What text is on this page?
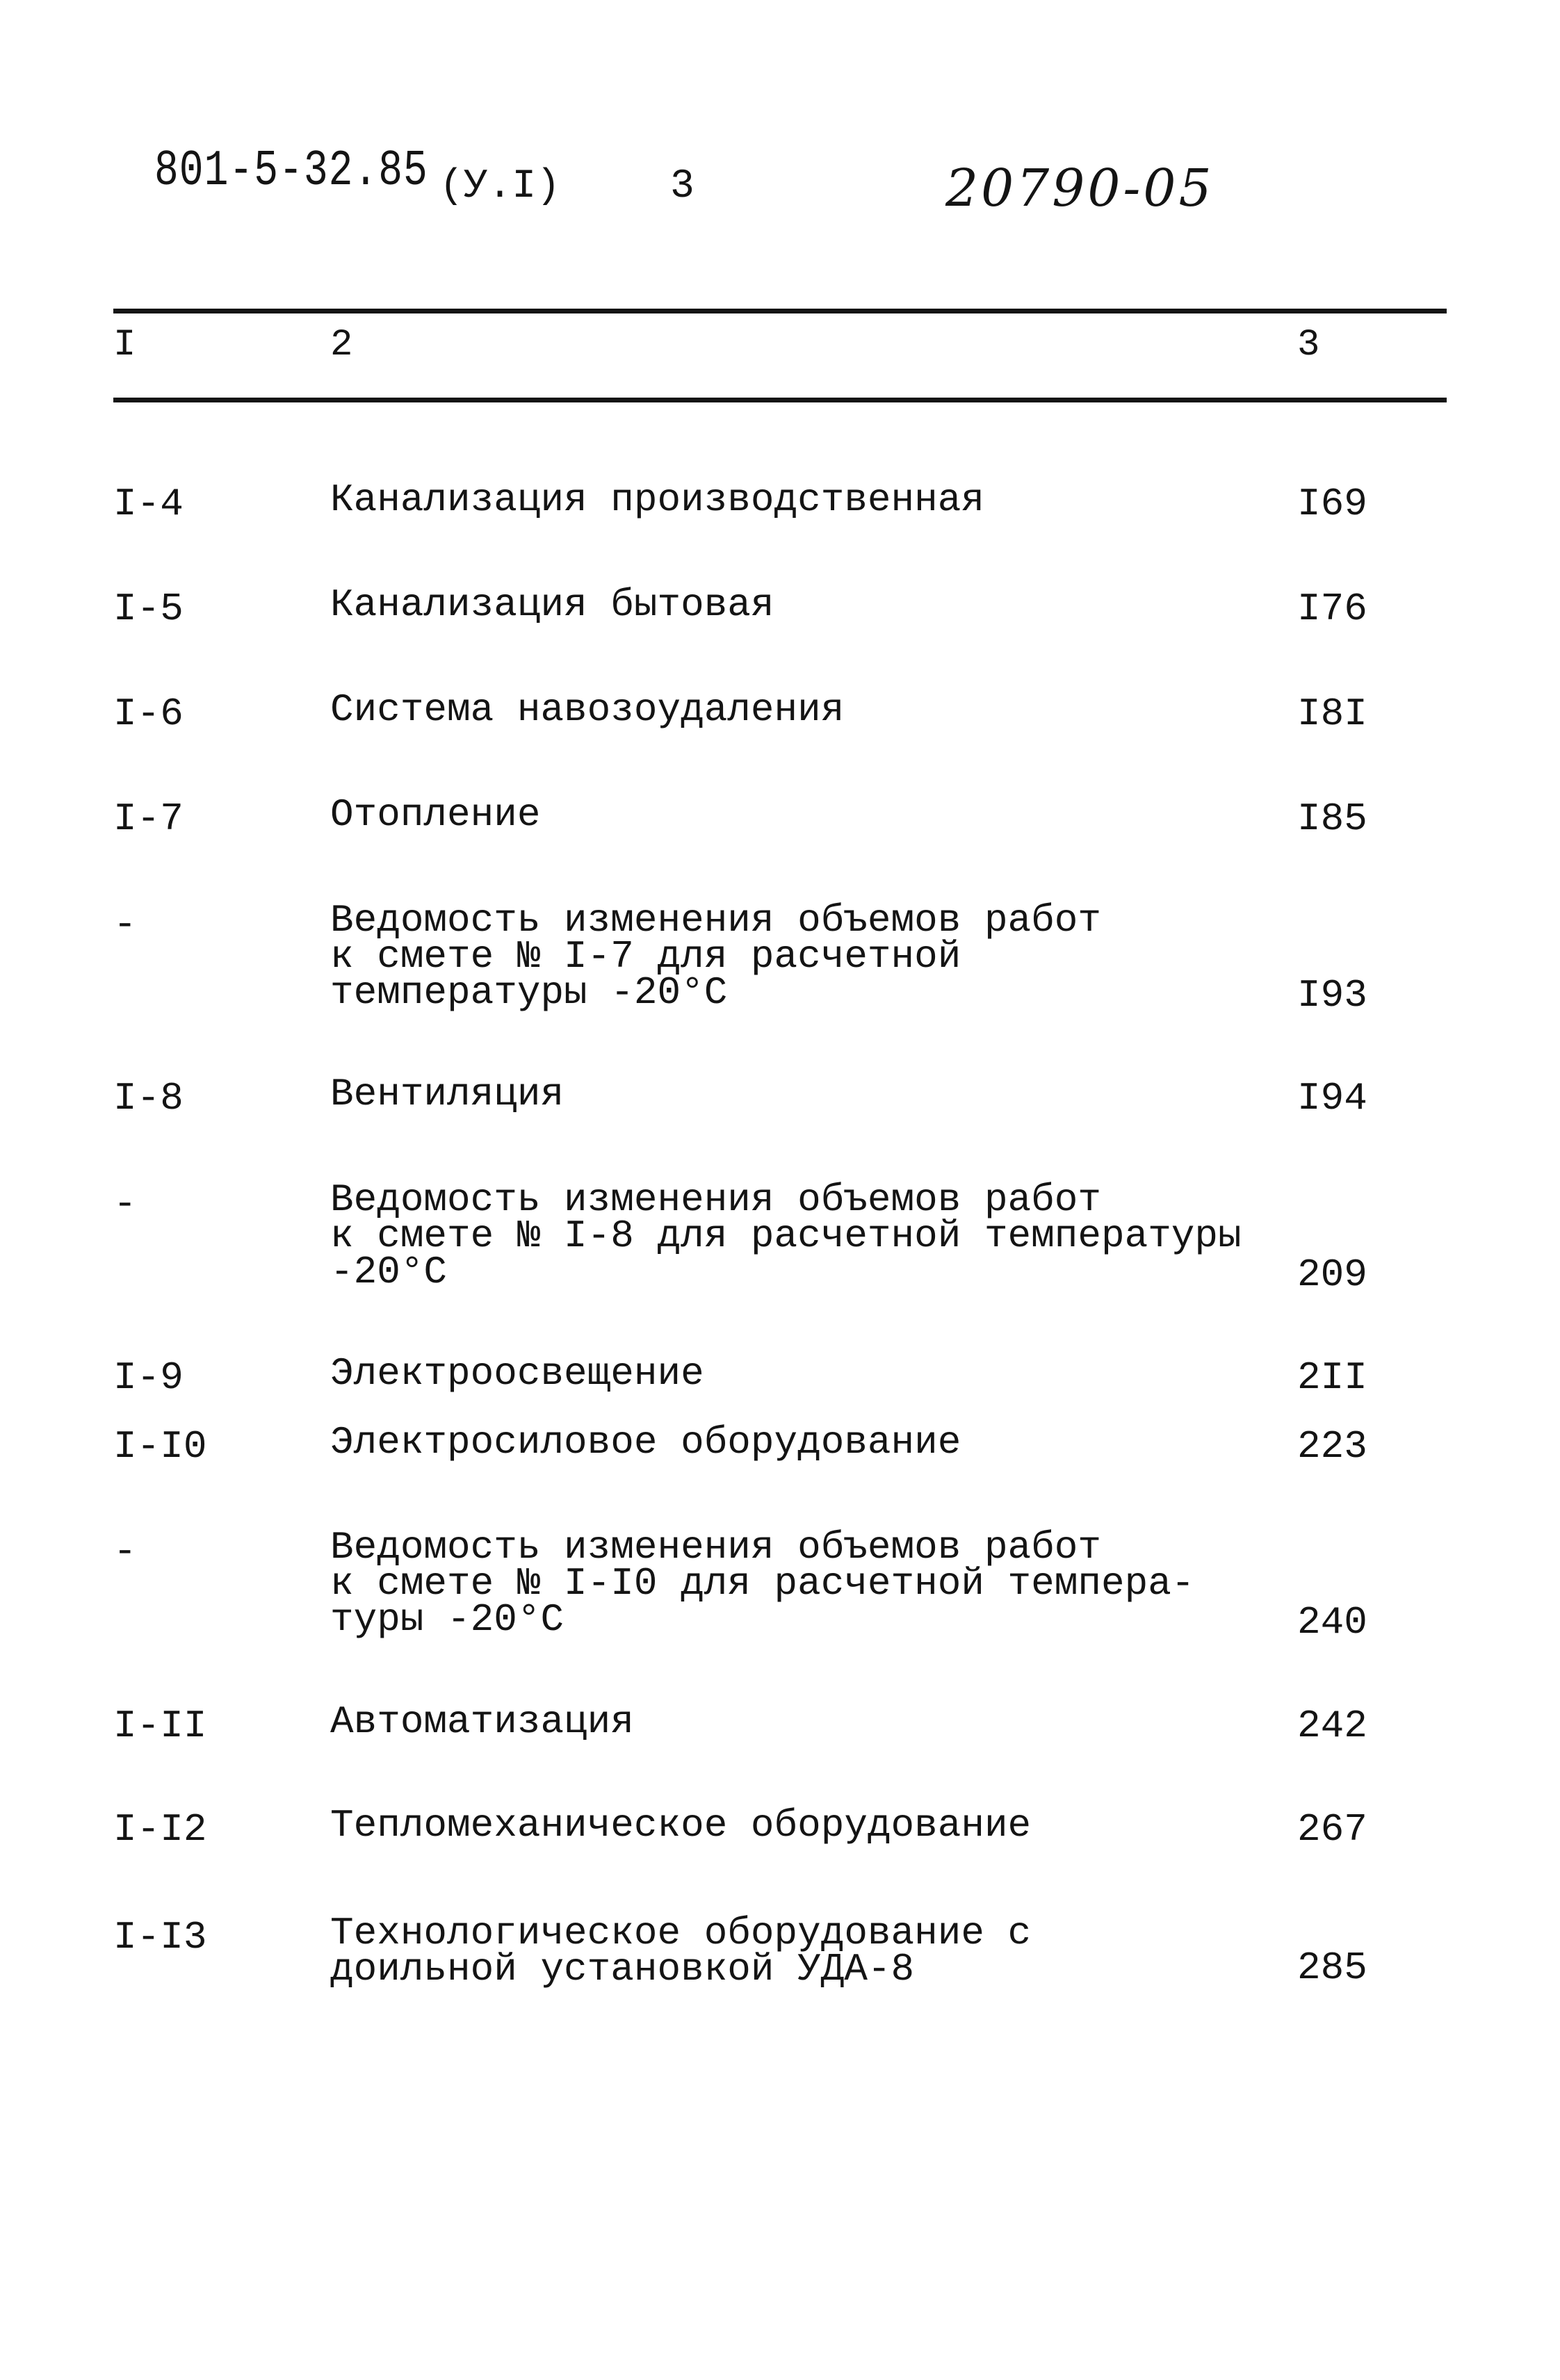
801-5-32.85 (У.I)	3	20790-05
I	2	3
I-4	Канализация производственная	I69
I-5	Канализация бытовая	I76
I-6	Система навозоудаления	I8I
I-7	Отопление	I85
-	Ведомость изменения объемов работ
к смете № I-7 для расчетной
температуры -20°С	I93
I-8	Вентиляция	I94
-	Ведомость изменения объемов работ
к смете № I-8 для расчетной температуры
-20°С	209
I-9	Электроосвещение	2II
I-I0	Электросиловое оборудование	223
-	Ведомость изменения объемов работ
к смете № I-I0 для расчетной темпера-
туры -20°С	240
I-II	Автоматизация	242
I-I2	Тепломеханическое оборудование	267
I-I3	Технологическое оборудование с
доильной установкой УДА-8	285
